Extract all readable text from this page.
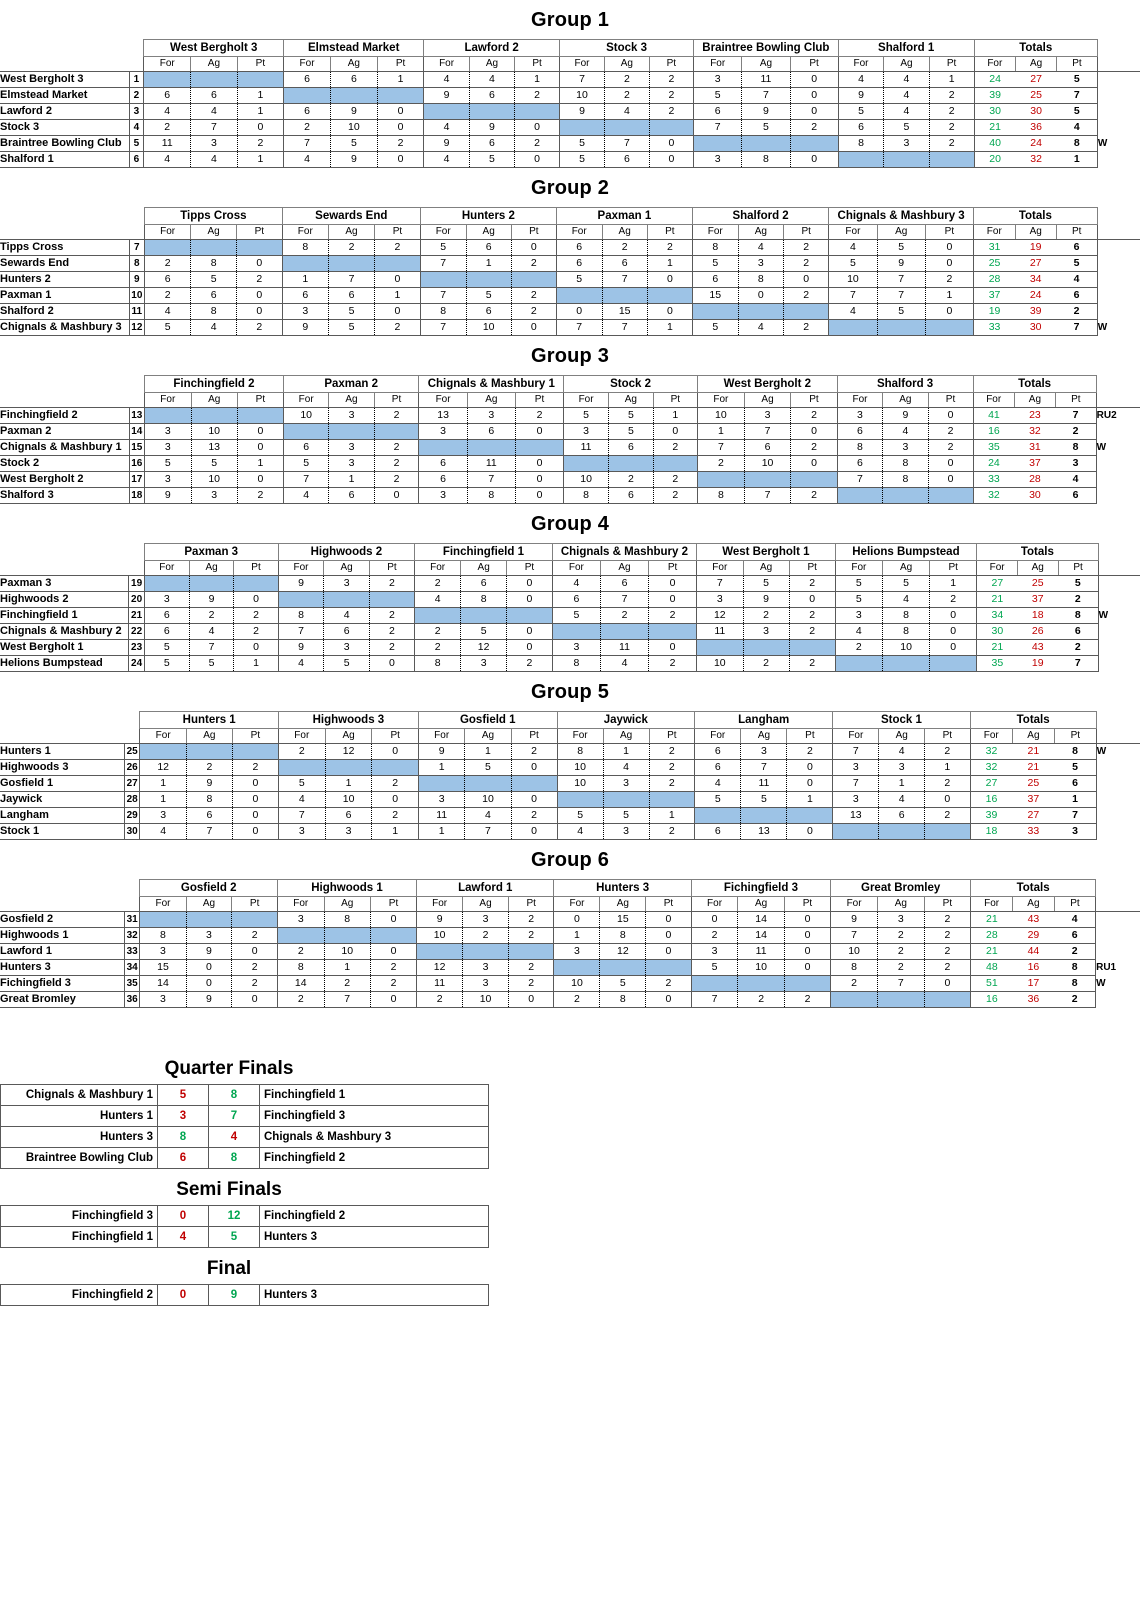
Group 1
		West Bergholt 3			Elmstead Market			Lawford 2			Stock 3			Braintree Bowling Club			Shalford 1			Totals			
		For	Ag	Pt	For	Ag	Pt	For	Ag	Pt	For	Ag	Pt	For	Ag	Pt	For	Ag	Pt	For	Ag	Pt	
West Bergholt 3	1				6	6	1	4	4	1	7	2	2	3	11	0	4	4	1	24	27	5	
Elmstead Market	2	6	6	1				9	6	2	10	2	2	5	7	0	9	4	2	39	25	7	
Lawford 2	3	4	4	1	6	9	0				9	4	2	6	9	0	5	4	2	30	30	5	
Stock 3	4	2	7	0	2	10	0	4	9	0				7	5	2	6	5	2	21	36	4	
Braintree Bowling Club	5	11	3	2	7	5	2	9	6	2	5	7	0				8	3	2	40	24	8	W
Shalford 1	6	4	4	1	4	9	0	4	5	0	5	6	0	3	8	0				20	32	1	
Group 2
		Tipps Cross			Sewards End			Hunters 2			Paxman 1			Shalford 2			Chignals & Mashbury 3			Totals			
		For	Ag	Pt	For	Ag	Pt	For	Ag	Pt	For	Ag	Pt	For	Ag	Pt	For	Ag	Pt	For	Ag	Pt	
Tipps Cross	7				8	2	2	5	6	0	6	2	2	8	4	2	4	5	0	31	19	6	
Sewards End	8	2	8	0				7	1	2	6	6	1	5	3	2	5	9	0	25	27	5	
Hunters 2	9	6	5	2	1	7	0				5	7	0	6	8	0	10	7	2	28	34	4	
Paxman 1	10	2	6	0	6	6	1	7	5	2				15	0	2	7	7	1	37	24	6	
Shalford 2	11	4	8	0	3	5	0	8	6	2	0	15	0				4	5	0	19	39	2	
Chignals & Mashbury 3	12	5	4	2	9	5	2	7	10	0	7	7	1	5	4	2				33	30	7	W
Group 3
		Finchingfield 2			Paxman 2			Chignals & Mashbury 1			Stock 2			West Bergholt 2			Shalford 3			Totals			
		For	Ag	Pt	For	Ag	Pt	For	Ag	Pt	For	Ag	Pt	For	Ag	Pt	For	Ag	Pt	For	Ag	Pt	
Finchingfield 2	13				10	3	2	13	3	2	5	5	1	10	3	2	3	9	0	41	23	7	RU2
Paxman 2	14	3	10	0				3	6	0	3	5	0	1	7	0	6	4	2	16	32	2	
Chignals & Mashbury 1	15	3	13	0	6	3	2				11	6	2	7	6	2	8	3	2	35	31	8	W
Stock 2	16	5	5	1	5	3	2	6	11	0				2	10	0	6	8	0	24	37	3	
West Bergholt 2	17	3	10	0	7	1	2	6	7	0	10	2	2				7	8	0	33	28	4	
Shalford 3	18	9	3	2	4	6	0	3	8	0	8	6	2	8	7	2				32	30	6	
Group 4
		Paxman 3			Highwoods 2			Finchingfield 1			Chignals & Mashbury 2			West Bergholt 1			Helions Bumpstead			Totals			
		For	Ag	Pt	For	Ag	Pt	For	Ag	Pt	For	Ag	Pt	For	Ag	Pt	For	Ag	Pt	For	Ag	Pt	
Paxman 3	19				9	3	2	2	6	0	4	6	0	7	5	2	5	5	1	27	25	5	
Highwoods 2	20	3	9	0				4	8	0	6	7	0	3	9	0	5	4	2	21	37	2	
Finchingfield 1	21	6	2	2	8	4	2				5	2	2	12	2	2	3	8	0	34	18	8	W
Chignals & Mashbury 2	22	6	4	2	7	6	2	2	5	0				11	3	2	4	8	0	30	26	6	
West Bergholt 1	23	5	7	0	9	3	2	2	12	0	3	11	0				2	10	0	21	43	2	
Helions Bumpstead	24	5	5	1	4	5	0	8	3	2	8	4	2	10	2	2				35	19	7	
Group 5
		Hunters 1			Highwoods 3			Gosfield 1			Jaywick			Langham			Stock 1			Totals			
		For	Ag	Pt	For	Ag	Pt	For	Ag	Pt	For	Ag	Pt	For	Ag	Pt	For	Ag	Pt	For	Ag	Pt	
Hunters 1	25				2	12	0	9	1	2	8	1	2	6	3	2	7	4	2	32	21	8	W
Highwoods 3	26	12	2	2				1	5	0	10	4	2	6	7	0	3	3	1	32	21	5	
Gosfield 1	27	1	9	0	5	1	2				10	3	2	4	11	0	7	1	2	27	25	6	
Jaywick	28	1	8	0	4	10	0	3	10	0				5	5	1	3	4	0	16	37	1	
Langham	29	3	6	0	7	6	2	11	4	2	5	5	1				13	6	2	39	27	7	
Stock 1	30	4	7	0	3	3	1	1	7	0	4	3	2	6	13	0				18	33	3	
Group 6
		Gosfield 2			Highwoods 1			Lawford 1			Hunters 3			Fichingfield 3			Great Bromley			Totals			
		For	Ag	Pt	For	Ag	Pt	For	Ag	Pt	For	Ag	Pt	For	Ag	Pt	For	Ag	Pt	For	Ag	Pt	
Gosfield 2	31				3	8	0	9	3	2	0	15	0	0	14	0	9	3	2	21	43	4	
Highwoods 1	32	8	3	2				10	2	2	1	8	0	2	14	0	7	2	2	28	29	6	
Lawford 1	33	3	9	0	2	10	0				3	12	0	3	11	0	10	2	2	21	44	2	
Hunters 3	34	15	0	2	8	1	2	12	3	2				5	10	0	8	2	2	48	16	8	RU1
Fichingfield 3	35	14	0	2	14	2	2	11	3	2	10	5	2				2	7	0	51	17	8	W
Great Bromley	36	3	9	0	2	7	0	2	10	0	2	8	0	7	2	2				16	36	2	
Quarter Finals
Chignals & Mashbury 1	5	8	Finchingfield 1
Hunters 1	3	7	Finchingfield 3
Hunters 3	8	4	Chignals & Mashbury 3
Braintree Bowling Club	6	8	Finchingfield 2
Semi Finals
Finchingfield 3	0	12	Finchingfield 2
Finchingfield 1	4	5	Hunters 3
Final
Finchingfield 2	0	9	Hunters 3
